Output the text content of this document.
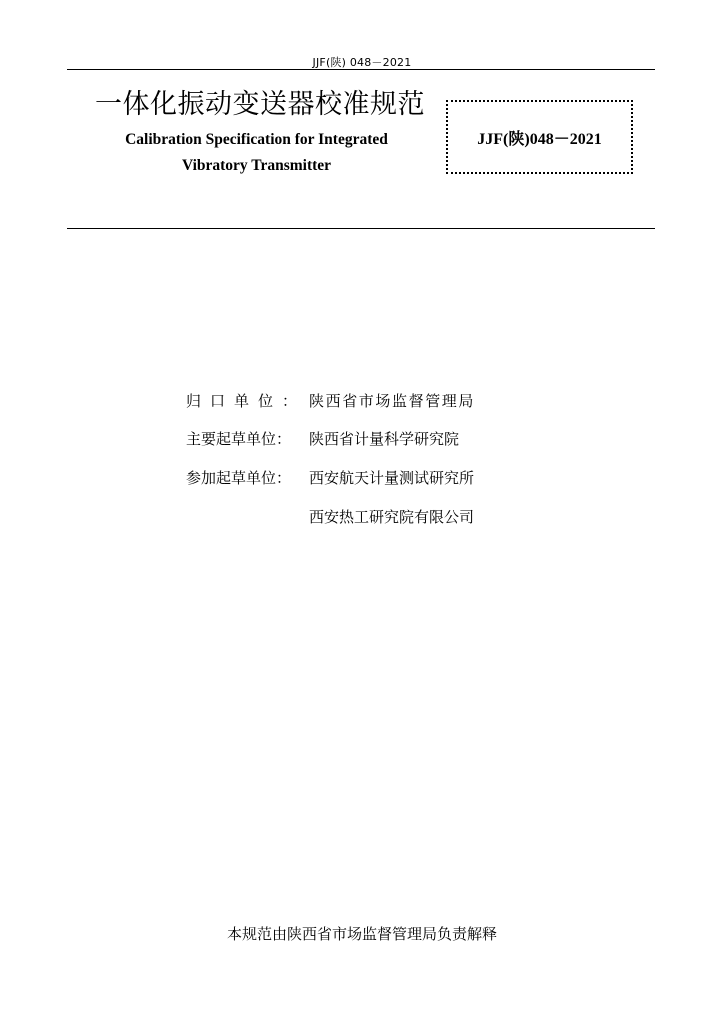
JJF(陕) 048－2021
一体化振动变送器校准规范
Calibration Specification for Integrated
Vibratory Transmitter
JJF(陕)048－2021
归口单位： 陕西省市场监督管理局
主要起草单位：	陕西省计量科学研究院
参加起草单位：	西安航天计量测试研究所
西安热工研究院有限公司
本规范由陕西省市场监督管理局负责解释
